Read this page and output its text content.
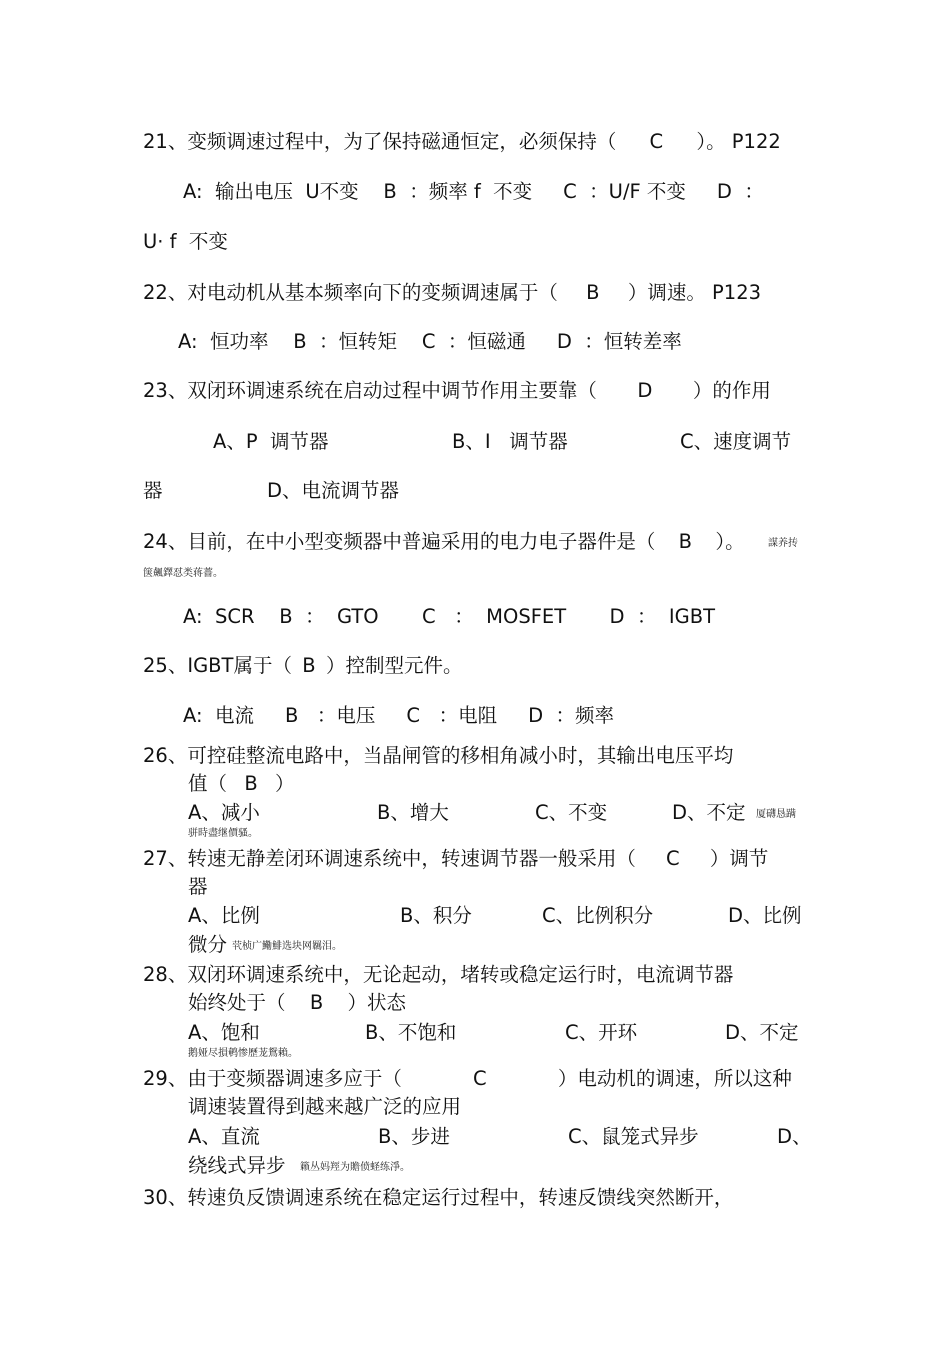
21、变频调速过程中，为了保持磁通恒定，必须保持（ C ）。 P122
A:  输出电压  U不变    B  ：频率 f  不变     C  ：U/F 不变     D  ：
U· f  不变
22、对电动机从基本频率向下的变频调速属于（ B ）调速。 P123
A:  恒功率    B  ：恒转矩    C  ：恒磁通     D  ：恒转差率
23、双闭环调速系统在启动过程中调节作用主要靠（ D ）的作用
A、P  调节器	B、I   调节器	C、速度调节
器	D、电流调节器
24、目前，在中小型变频器中普遍采用的电力电子器件是（ B ）。 謀养抟
箧飆鐸怼类蒋薔。
A:  SCR    B  ：  GTO       C   ：  MOSFET       D  ：  IGBT
25、IGBT属于（ B ）控制型元件。
A:  电流     B   ：电压     C   ：电阻     D  ：频率
26、可控硅整流电路中，当晶闸管的移相角减小时，其输出电压平均
值（ B ）
A、减小	B、增大	C、不变	D、不定 厦礴恳蹒
骈時盡继價骚。
27、转速无静差闭环调速系统中，转速调节器一般采用（ C ）调节
器
A、比例	B、积分	C、比例积分	D、比例
微分 茕桢广鰳鯡选块网羈泪。
28、双闭环调速系统中，无论起动，堵转或稳定运行时，电流调节器
始终处于（ B ）状态
A、饱和	B、不饱和	C、开环	D、不定
鹅娅尽損鹌惨歷茏鴛賴。
29、由于变频器调速多应于（	C	）电动机的调速，所以这种
调速装置得到越来越广泛的应用
A、直流	B、步进	C、鼠笼式异步	D、
绕线式异步 籟丛妈羥为贍偾蛏练淨。
30、转速负反馈调速系统在稳定运行过程中，转速反馈线突然断开，
